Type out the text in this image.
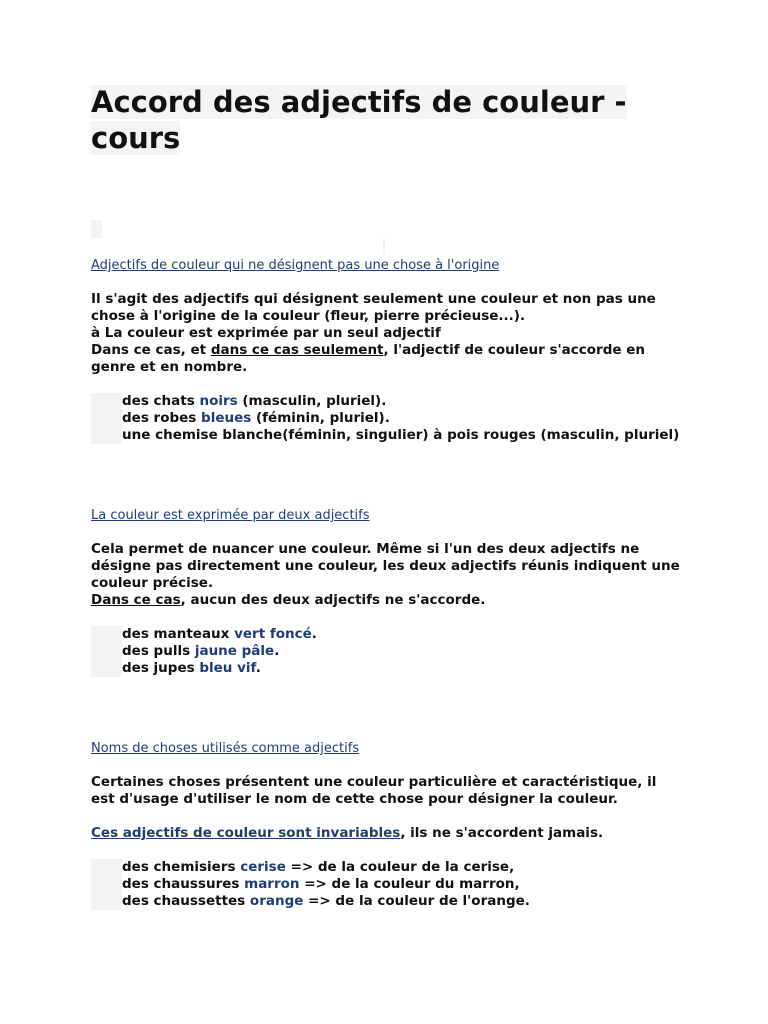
Accord des adjectifs de couleur - cours

Adjectifs de couleur qui ne désignent pas une chose à l'origine

Il s'agit des adjectifs qui désignent seulement une couleur et non pas une chose à l'origine de la couleur (fleur, pierre précieuse...).

à La couleur est exprimée par un seul adjectif

Dans ce cas, et dans ce cas seulement, l'adjectif de couleur s'accorde en genre et en nombre.

des chats noirs (masculin, pluriel).
des robes bleues (féminin, pluriel).
une chemise blanche(féminin, singulier) à pois rouges (masculin, pluriel)

La couleur est exprimée par deux adjectifs

Cela permet de nuancer une couleur. Même si l'un des deux adjectifs ne désigne pas directement une couleur, les deux adjectifs réunis indiquent une couleur précise.

Dans ce cas, aucun des deux adjectifs ne s'accorde.

des manteaux vert foncé.
des pulls jaune pâle.
des jupes bleu vif.

Noms de choses utilisés comme adjectifs

Certaines choses présentent une couleur particulière et caractéristique, il est d'usage d'utiliser le nom de cette chose pour désigner la couleur.

Ces adjectifs de couleur sont invariables, ils ne s'accordent jamais.

des chemisiers cerise => de la couleur de la cerise,
des chaussures marron => de la couleur du marron,
des chaussettes orange => de la couleur de l'orange.
